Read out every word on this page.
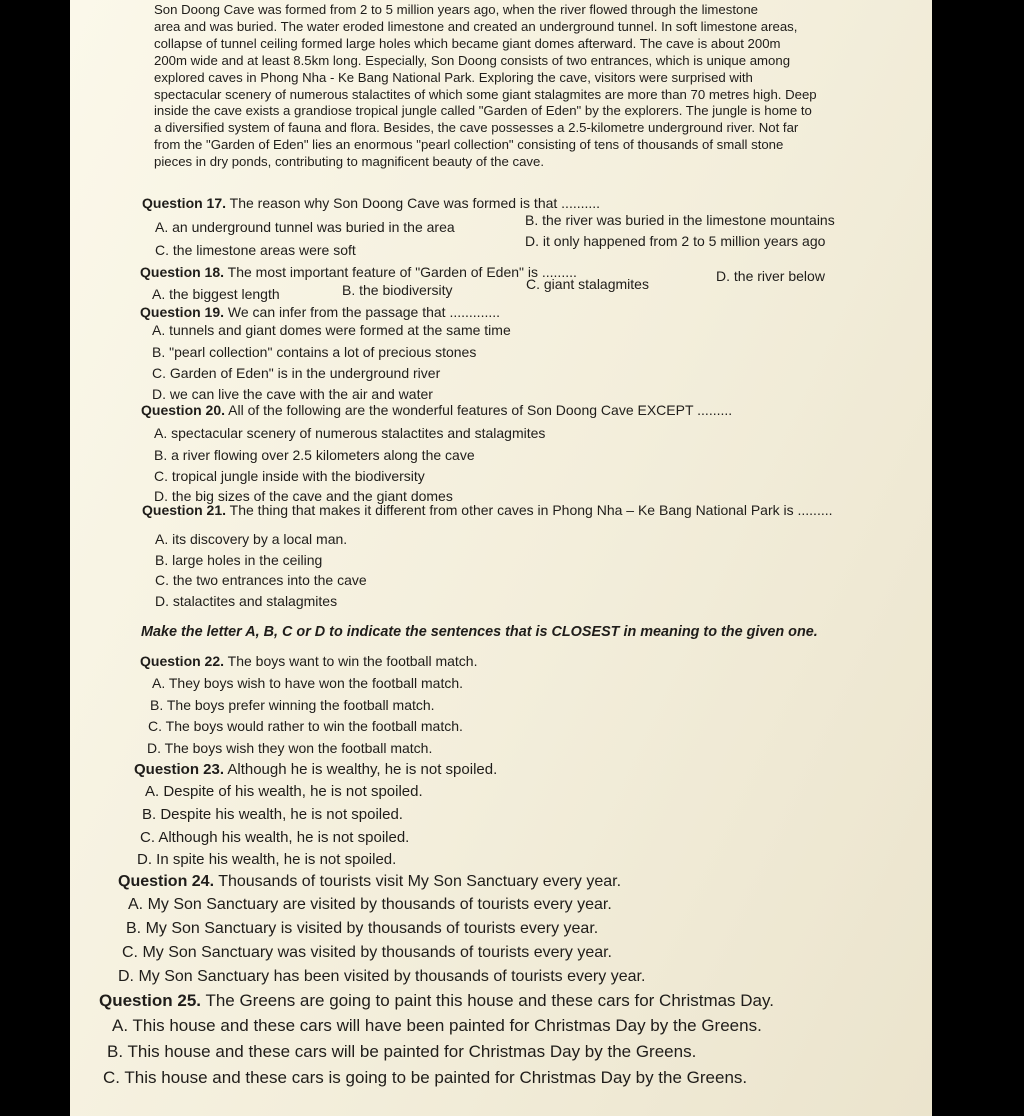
Son Doong Cave was formed from 2 to 5 million years ago, when the river flowed through the limestone
area and was buried. The water eroded limestone and created an underground tunnel. In soft limestone areas,
collapse of tunnel ceiling formed large holes which became giant domes afterward. The cave is about 200m
200m wide and at least 8.5km long. Especially, Son Doong consists of two entrances, which is unique among
explored caves in Phong Nha - Ke Bang National Park. Exploring the cave, visitors were surprised with
spectacular scenery of numerous stalactites of which some giant stalagmites are more than 70 metres high. Deep
inside the cave exists a grandiose tropical jungle called "Garden of Eden" by the explorers. The jungle is home to
a diversified system of fauna and flora. Besides, the cave possesses a 2.5-kilometre underground river. Not far
from the "Garden of Eden" lies an enormous "pearl collection" consisting of tens of thousands of small stone
pieces in dry ponds, contributing to magnificent beauty of the cave.
Question 17. The reason why Son Doong Cave was formed is that ..........
A. an underground tunnel was buried in the area	B. the river was buried in the limestone mountains
C. the limestone areas were soft
D. it only happened from 2 to 5 million years ago
Question 18. The most important feature of "Garden of Eden" is .........
A. the biggest length	B. the biodiversity	C. giant stalagmites	D. the river below
Question 19. We can infer from the passage that .............
A. tunnels and giant domes were formed at the same time
B. "pearl collection" contains a lot of precious stones
C. Garden of Eden" is in the underground river
D. we can live the cave with the air and water
Question 20. All of the following are the wonderful features of Son Doong Cave EXCEPT .........
A. spectacular scenery of numerous stalactites and stalagmites
B. a river flowing over 2.5 kilometers along the cave
C. tropical jungle inside with the biodiversity
D. the big sizes of the cave and the giant domes
Question 21. The thing that makes it different from other caves in Phong Nha – Ke Bang National Park is .........
A. its discovery by a local man.
B. large holes in the ceiling
C. the two entrances into the cave
D. stalactites and stalagmites
Make the letter A, B, C or D to indicate the sentences that is CLOSEST in meaning to the given one.
Question 22. The boys want to win the football match.
A. They boys wish to have won the football match.
B. The boys prefer winning the football match.
C. The boys would rather to win the football match.
D. The boys wish they won the football match.
Question 23. Although he is wealthy, he is not spoiled.
A. Despite of his wealth, he is not spoiled.
B. Despite his wealth, he is not spoiled.
C. Although his wealth, he is not spoiled.
D. In spite his wealth, he is not spoiled.
Question 24. Thousands of tourists visit My Son Sanctuary every year.
A. My Son Sanctuary are visited by thousands of tourists every year.
B. My Son Sanctuary is visited by thousands of tourists every year.
C. My Son Sanctuary was visited by thousands of tourists every year.
D. My Son Sanctuary has been visited by thousands of tourists every year.
Question 25. The Greens are going to paint this house and these cars for Christmas Day.
A. This house and these cars will have been painted for Christmas Day by the Greens.
B. This house and these cars will be painted for Christmas Day by the Greens.
C. This house and these cars is going to be painted for Christmas Day by the Greens.
